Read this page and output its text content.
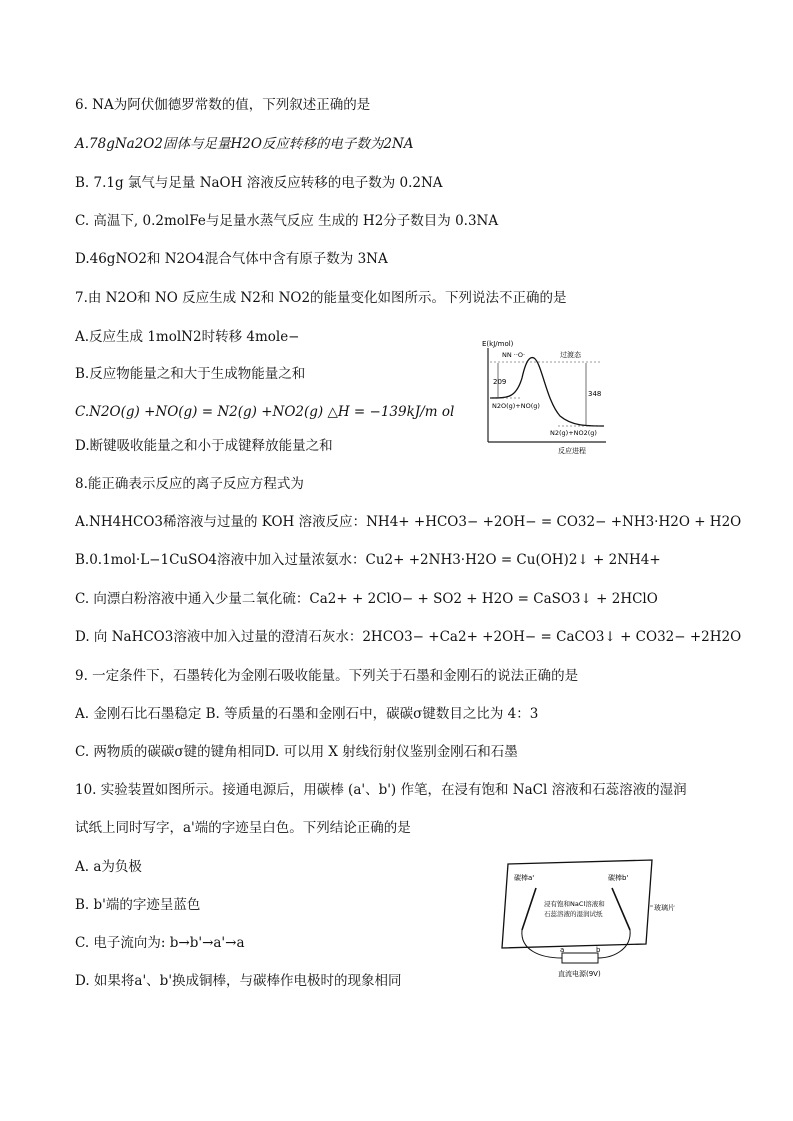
6. NA为阿伏伽德罗常数的值，下列叙述正确的是
A.78gNa2O2固体与足量H2O反应转移的电子数为2NA
B. 7.1g 氯气与足量 NaOH 溶液反应转移的电子数为 0.2NA
C. 高温下, 0.2molFe与足量水蒸气反应 生成的 H2分子数目为 0.3NA
D.46gNO2和 N2O4混合气体中含有原子数为 3NA
7.由 N2O和 NO 反应生成 N2和 NO2的能量变化如图所示。下列说法不正确的是
A.反应生成 1molN2时转移 4mole−
B.反应物能量之和大于生成物能量之和
C.N2O(g) +NO(g) = N2(g) +NO2(g) △H = −139kJ/m ol
D.断键吸收能量之和小于成键释放能量之和
E(kJ/mol)
NN ··O·	过渡态
209
348
N2O(g)+NO(g)
N2(g)+NO2(g)
反应进程
8.能正确表示反应的离子反应方程式为
A.NH4HCO3稀溶液与过量的 KOH 溶液反应：NH4+ +HCO3− +2OH− = CO32− +NH3·H2O + H2O
B.0.1mol·L−1CuSO4溶液中加入过量浓氨水：Cu2+ +2NH3·H2O = Cu(OH)2↓ + 2NH4+
C. 向漂白粉溶液中通入少量二氧化硫：Ca2+ + 2ClO− + SO2 + H2O = CaSO3↓ + 2HClO
D. 向 NaHCO3溶液中加入过量的澄清石灰水：2HCO3− +Ca2+ +2OH− = CaCO3↓ + CO32− +2H2O
9. 一定条件下，石墨转化为金刚石吸收能量。下列关于石墨和金刚石的说法正确的是
A. 金刚石比石墨稳定 B. 等质量的石墨和金刚石中，碳碳σ键数目之比为 4：3
C. 两物质的碳碳σ键的键角相同D. 可以用 X 射线衍射仪鉴别金刚石和石墨
10. 实验装置如图所示。接通电源后，用碳棒 (a'、b') 作笔，在浸有饱和 NaCl 溶液和石蕊溶液的湿润
试纸上同时写字，a'端的字迹呈白色。下列结论正确的是
A. a为负极
B. b'端的字迹呈蓝色
C. 电子流向为: b→b'→a'→a
D. 如果将a'、b'换成铜棒，与碳棒作电极时的现象相同
玻璃片
碳棒a'	碳棒b'
浸有饱和NaCl溶液和
石蕊溶液的湿润试纸
a	b
直流电源(9V)
